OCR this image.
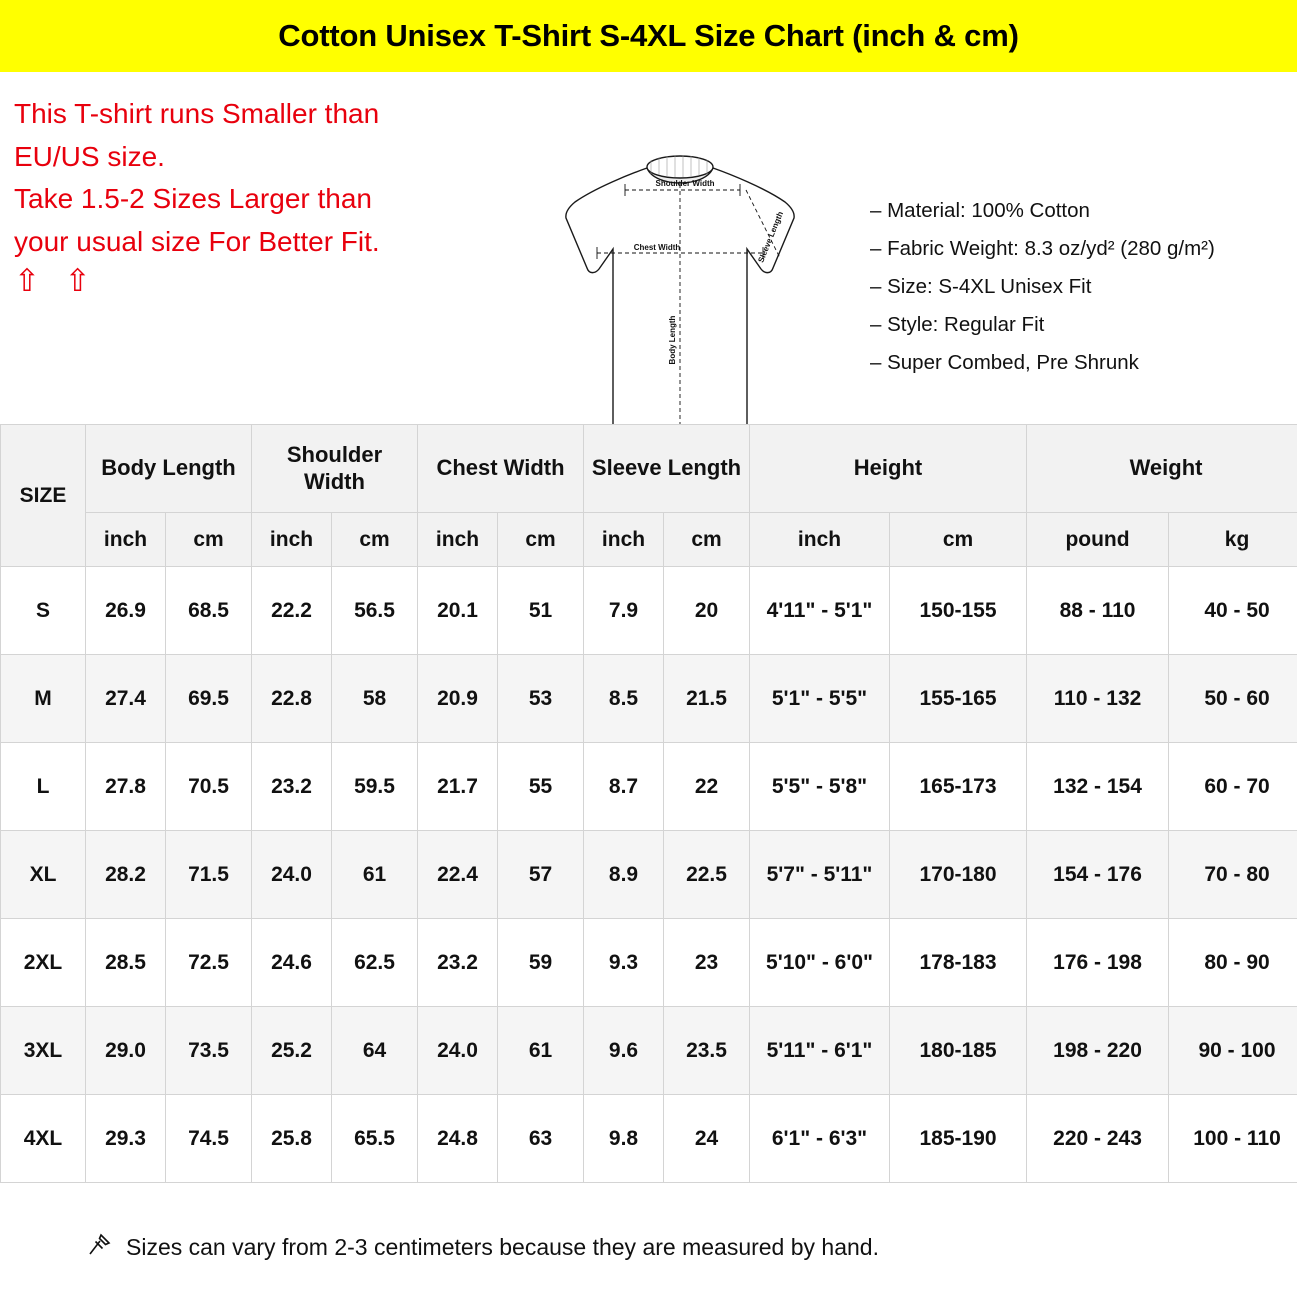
Cotton Unisex T-Shirt S-4XL Size Chart (inch & cm)

This T-shirt runs Smaller than

EU/US size.

Take 1.5-2 Sizes Larger than

your usual size For Better Fit.

⇧ ⇧
Shoulder Width
Chest Width
Body Length
Sleeve Length	– Material: 100% Cotton
– Fabric Weight: 8.3 oz/yd² (280 g/m²)
– Size: S-4XL Unisex Fit
– Style: Regular Fit
– Super Combed, Pre Shrunk
SIZE	Body Length		Shoulder Width		Chest Width		Sleeve Length		Height		Weight	
	inch	cm	inch	cm	inch	cm	inch	cm	inch	cm	pound	kg
S	26.9	68.5	22.2	56.5	20.1	51	7.9	20	4'11" - 5'1"	150-155	88 - 110	40 - 50
M	27.4	69.5	22.8	58	20.9	53	8.5	21.5	5'1" - 5'5"	155-165	110 - 132	50 - 60
L	27.8	70.5	23.2	59.5	21.7	55	8.7	22	5'5" - 5'8"	165-173	132 - 154	60 - 70
XL	28.2	71.5	24.0	61	22.4	57	8.9	22.5	5'7" - 5'11"	170-180	154 - 176	70 - 80
2XL	28.5	72.5	24.6	62.5	23.2	59	9.3	23	5'10" - 6'0"	178-183	176 - 198	80 - 90
3XL	29.0	73.5	25.2	64	24.0	61	9.6	23.5	5'11" - 6'1"	180-185	198 - 220	90 - 100
4XL	29.3	74.5	25.8	65.5	24.8	63	9.8	24	6'1" - 6'3"	185-190	220 - 243	100 - 110
Sizes can vary from 2-3 centimeters because they are measured by hand.
